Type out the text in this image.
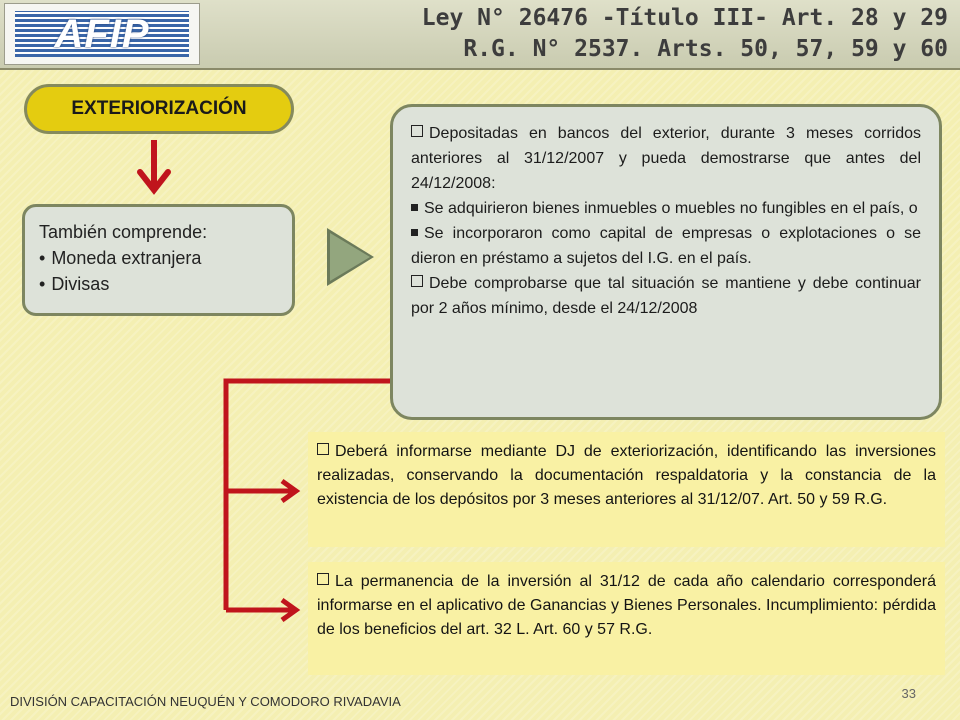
AFIP	Ley N° 26476 -Título III- Art. 28 y 29
R.G. N° 2537. Arts. 50, 57, 59 y 60
EXTERIORIZACIÓN
También comprende:
• Moneda extranjera
• Divisas

Depositadas en bancos del exterior, durante 3 meses corridos anteriores al 31/12/2007 y pueda demostrarse que antes del 24/12/2008:

Se adquirieron bienes inmuebles o muebles no fungibles en el país, o

Se incorporaron como capital de empresas o explotaciones o se dieron en préstamo a sujetos del I.G. en el país.

Debe comprobarse que tal situación se mantiene y debe continuar por 2 años mínimo, desde el 24/12/2008

Deberá informarse mediante DJ de exteriorización, identificando las inversiones realizadas, conservando la documentación respaldatoria y la constancia de la existencia de los depósitos por 3 meses anteriores al 31/12/07. Art. 50 y 59 R.G.

La permanencia de la inversión al 31/12 de cada año calendario corresponderá informarse en el aplicativo de Ganancias y Bienes Personales. Incumplimiento: pérdida de los beneficios del art. 32 L. Art. 60 y 57 R.G.

DIVISIÓN CAPACITACIÓN NEUQUÉN Y COMODORO RIVADAVIA
33
